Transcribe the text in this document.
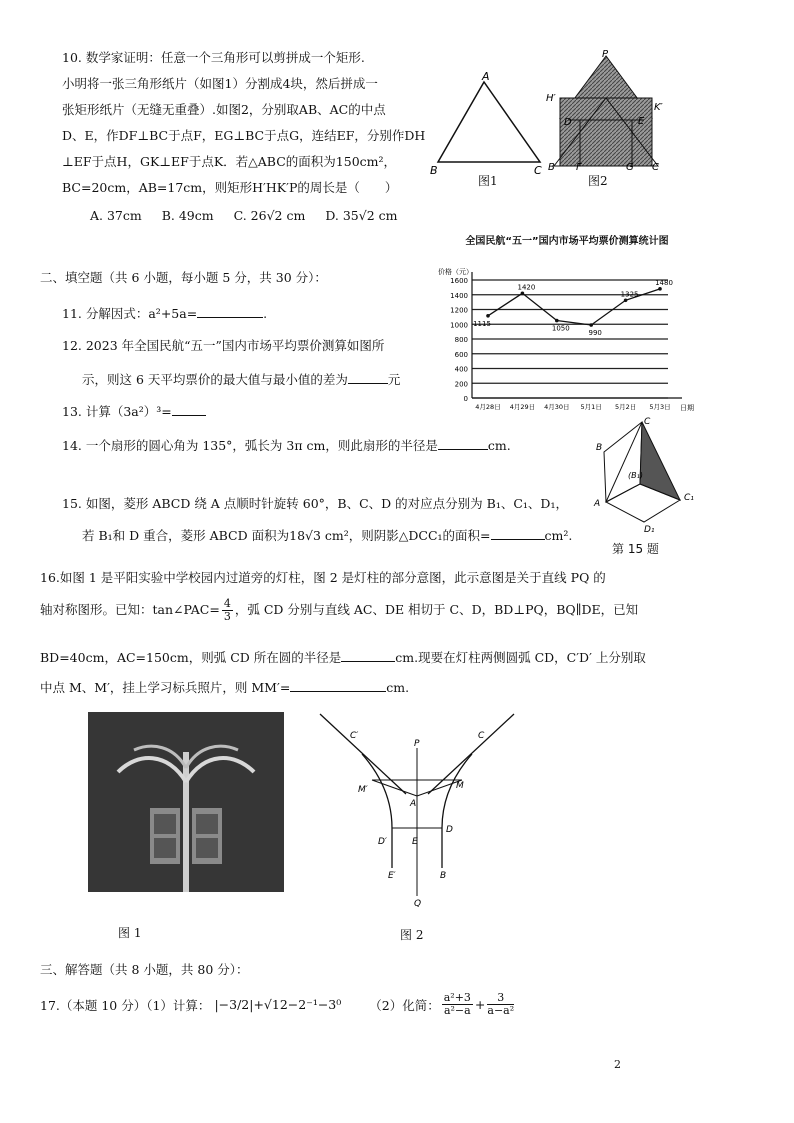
10. 数学家证明：任意一个三角形可以剪拼成一个矩形.
小明将一张三角形纸片（如图1）分割成4块，然后拼成一
张矩形纸片（无缝无重叠）.如图2，分别取AB、AC的中点
D、E，作DF⊥BC于点F，EG⊥BC于点G，连结EF，分别作DH
⊥EF于点H，GK⊥EF于点K．若△ABC的面积为150cm²，
BC=20cm，AB=17cm，则矩形H′HK′P的周长是（　　）
A. 37cm B. 49cm C. 26√2 cm D. 35√2 cm
A
B	C
图1
P
H′
K′
D	E
B F	G C
图2
二、填空题（共 6 小题，每小题 5 分，共 30 分）：
11. 分解因式：a²+5a=	.
12. 2023 年全国民航“五一”国内市场平均票价测算如图所
示，则这 6 天平均票价的最大值与最小值的差为	元
13. 计算（3a²）³=
全国民航“五一”国内市场平均票价测算统计图
价格（元）
日期
0
200
400
600
800
1000
1200
1400
1600
4月28日 4月29日 4月30日 5月1日 5月2日 5月3日
1115
1420
1050
990
1325
1480
14. 一个扇形的圆心角为 135°，弧长为 3π cm，则此扇形的半径是	cm.	B
C
(B₁)
A
C₁
D₁
15. 如图，菱形 ABCD 绕 A 点顺时针旋转 60°，B、C、D 的对应点分别为 B₁、C₁、D₁，
若 B₁和 D 重合，菱形 ABCD 面积为18√3 cm²，则阴影△DCC₁的面积=	cm².
第 15 题
16.如图 1 是平阳实验中学校园内过道旁的灯柱，图 2 是灯柱的部分意图，此示意图是关于直线 PQ 的
轴对称图形。已知：tan∠PAC= $\frac{4}{3}$ ，弧 CD 分别与直线 AC、DE 相切于 C、D，BD⊥PQ，BQ∥DE，已知
BD=40cm，AC=150cm，则弧 CD 所在圆的半径是	cm.现要在灯柱两侧圆弧 CD，C′D′ 上分别取
中点 M、M′，挂上学习标兵照片，则 MM′=	cm.
图 1
C′	C
P
M′	M
A
D′	E
D
E′	B
Q
图 2
三、解答题（共 8 小题，共 80 分）：
17.（本题 10 分）（1）计算： |−3/2|+√12−2⁻¹−3⁰ （2）化简： $\frac{\text{a²+3}}{\text{a²−a}} + \frac{3}{\text{a−a²}}$
2
